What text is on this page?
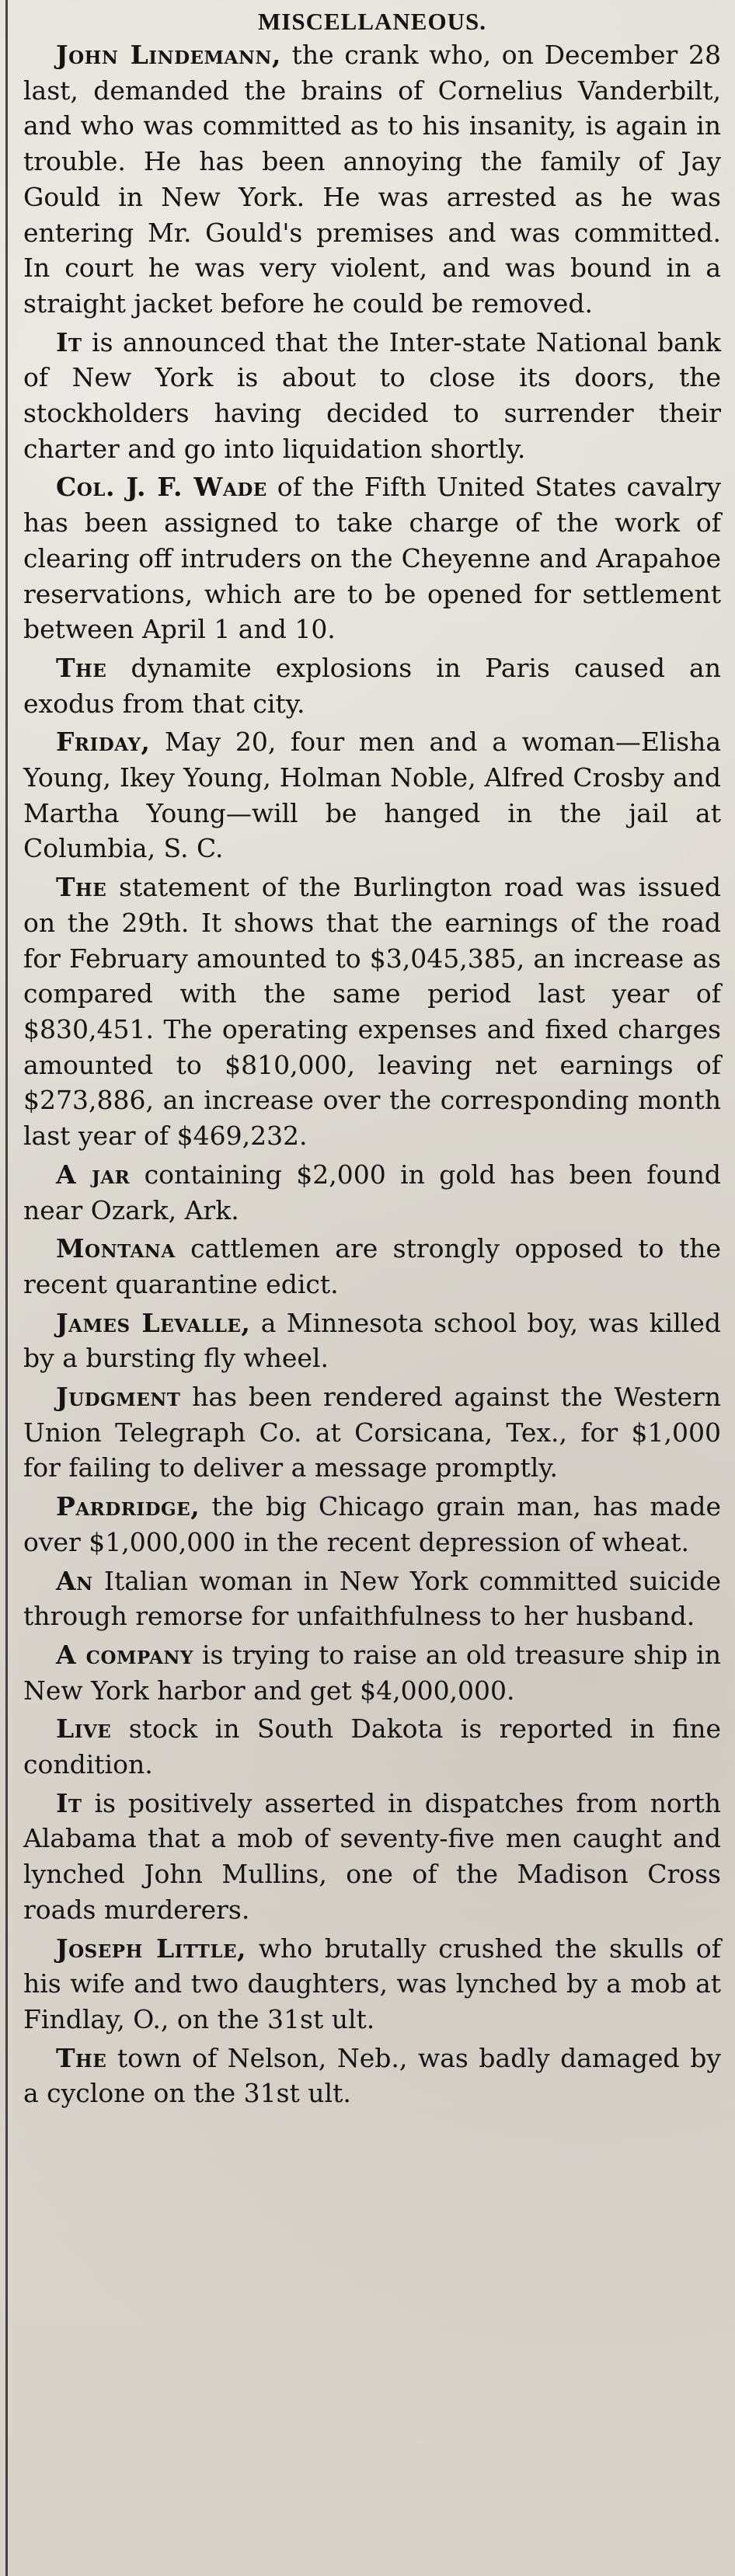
MISCELLANEOUS.

John Lindemann, the crank who, on December 28 last, demanded the brains of Cornelius Vanderbilt, and who was committed as to his insanity, is again in trouble. He has been annoying the family of Jay Gould in New York. He was arrested as he was entering Mr. Gould's premises and was committed. In court he was very violent, and was bound in a straight jacket before he could be removed.

It is announced that the Inter-state National bank of New York is about to close its doors, the stockholders having decided to surrender their charter and go into liquidation shortly.

Col. J. F. Wade of the Fifth United States cavalry has been assigned to take charge of the work of clearing off intruders on the Cheyenne and Arapahoe reservations, which are to be opened for settlement between April 1 and 10.

The dynamite explosions in Paris caused an exodus from that city.

Friday, May 20, four men and a woman—Elisha Young, Ikey Young, Holman Noble, Alfred Crosby and Martha Young—will be hanged in the jail at Columbia, S. C.

The statement of the Burlington road was issued on the 29th. It shows that the earnings of the road for February amounted to $3,045,385, an increase as compared with the same period last year of $830,451. The operating expenses and fixed charges amounted to $810,000, leaving net earnings of $273,886, an increase over the corresponding month last year of $469,232.

A jar containing $2,000 in gold has been found near Ozark, Ark.

Montana cattlemen are strongly opposed to the recent quarantine edict.

James Levalle, a Minnesota school boy, was killed by a bursting fly wheel.

Judgment has been rendered against the Western Union Telegraph Co. at Corsicana, Tex., for $1,000 for failing to deliver a message promptly.

Pardridge, the big Chicago grain man, has made over $1,000,000 in the recent depression of wheat.

An Italian woman in New York committed suicide through remorse for unfaithfulness to her husband.

A company is trying to raise an old treasure ship in New York harbor and get $4,000,000.

Live stock in South Dakota is reported in fine condition.

It is positively asserted in dispatches from north Alabama that a mob of seventy-five men caught and lynched John Mullins, one of the Madison Cross roads murderers.

Joseph Little, who brutally crushed the skulls of his wife and two daughters, was lynched by a mob at Findlay, O., on the 31st ult.

The town of Nelson, Neb., was badly damaged by a cyclone on the 31st ult.
